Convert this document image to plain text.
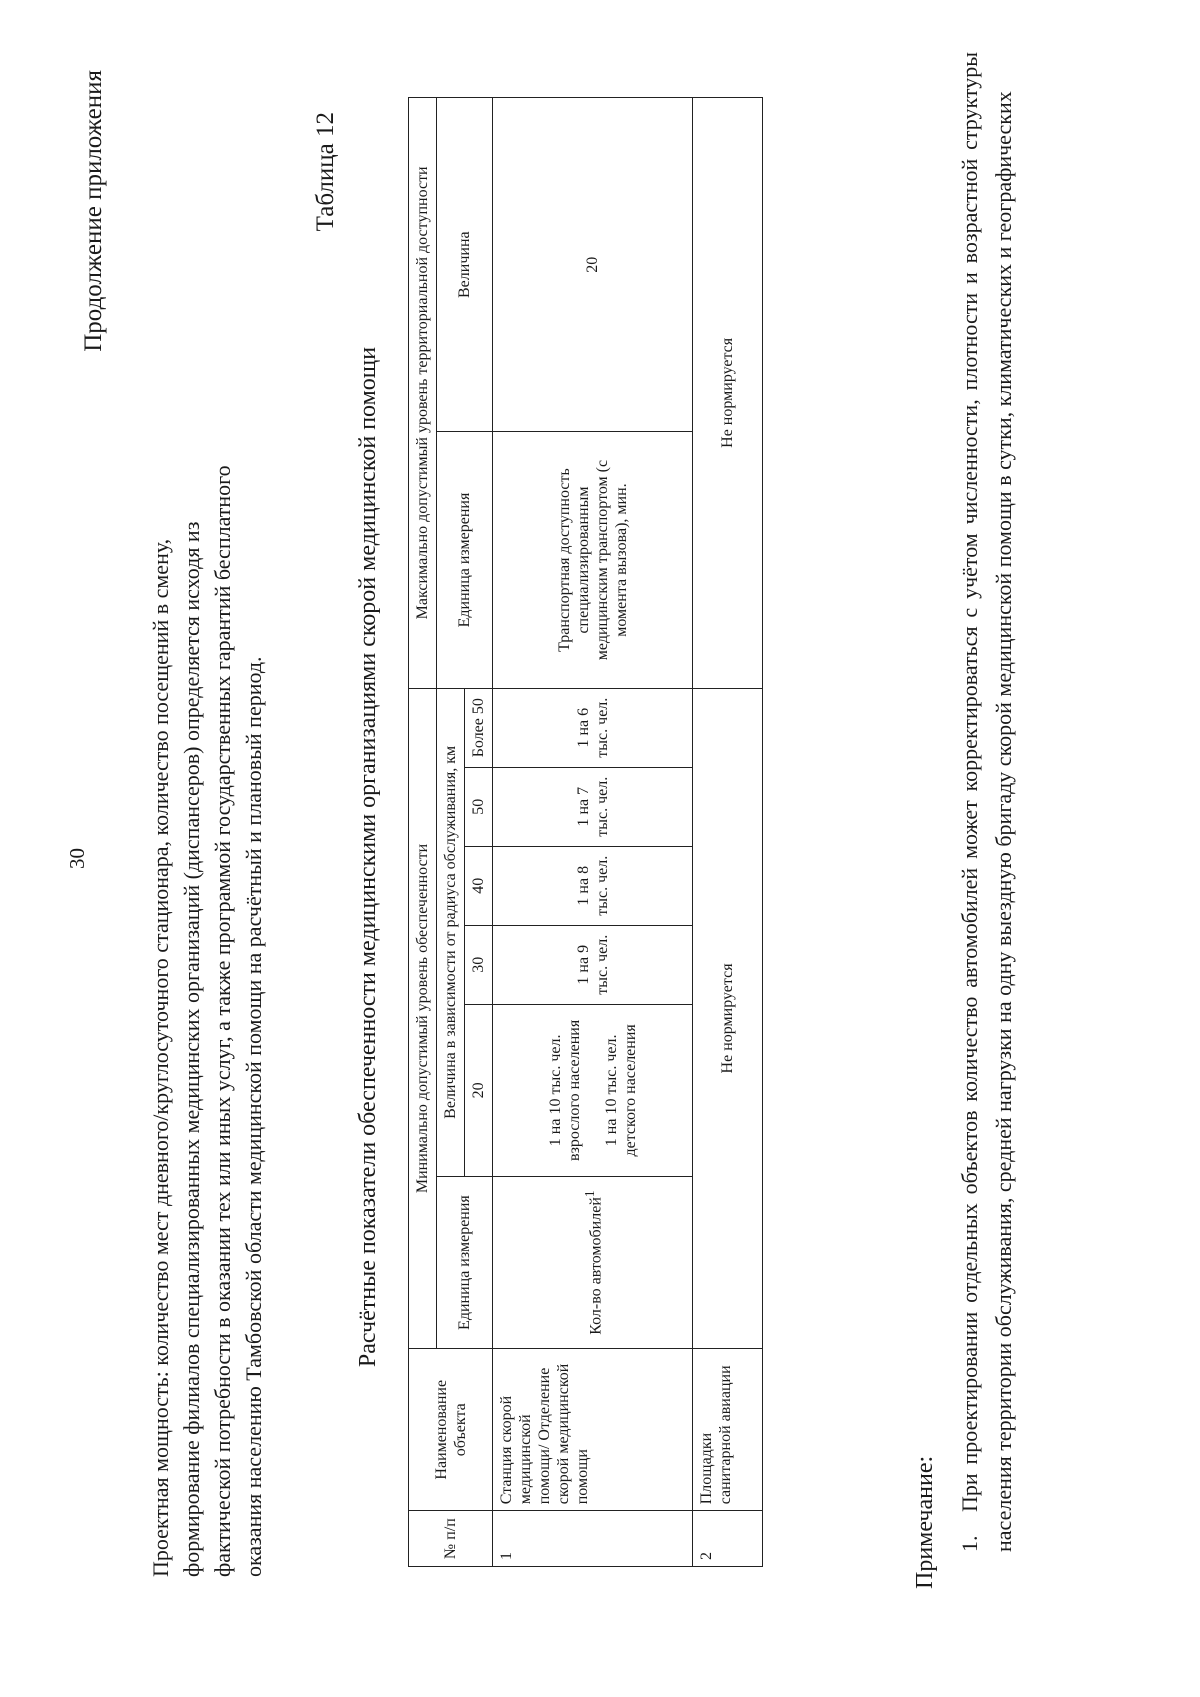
30
Продолжение приложения

Проектная мощность: количество мест дневного/круглосуточного стационара, количество посещений в смену, формирование филиалов специализированных медицинских организаций (диспансеров) определяется исходя из фактической потребности в оказании тех или иных услуг, а также программой государственных гарантий бесплатного оказания населению Тамбовской области медицинской помощи на расчётный и плановый период.

Таблица 12
Расчётные показатели обеспеченности медицинскими организациями скорой медицинской помощи
№ п/п	Наименование объекта	Минимально допустимый уровень обеспеченности						Максимально допустимый уровень территориальной доступности	
		Единица измерения	Величина в зависимости от радиуса обслуживания, км					Единица измерения	Величина
			20	30	40	50	Более 50		
1	Станция скорой медицинской помощи/ Отделение скорой медицинской помощи	Кол-во автомобилей$^1$	1 на 10 тыс. чел. взрослого населения 1 на 10 тыс. чел. детского населения	1 на 9 тыс. чел.	1 на 8 тыс. чел.	1 на 7 тыс. чел.	1 на 6 тыс. чел.	Транспортная доступность специализированным медицинским транспортом (с момента вызова), мин.	20
2	Площадки санитарной авиации	Не нормируется						Не нормируется	
Примечание: 1.При проектировании отдельных объектов количество автомобилей может корректироваться с учётом численности, плотности и возрастной структуры населения территории обслуживания, средней нагрузки на одну выездную бригаду скорой медицинской помощи в сутки, климатических и географических
